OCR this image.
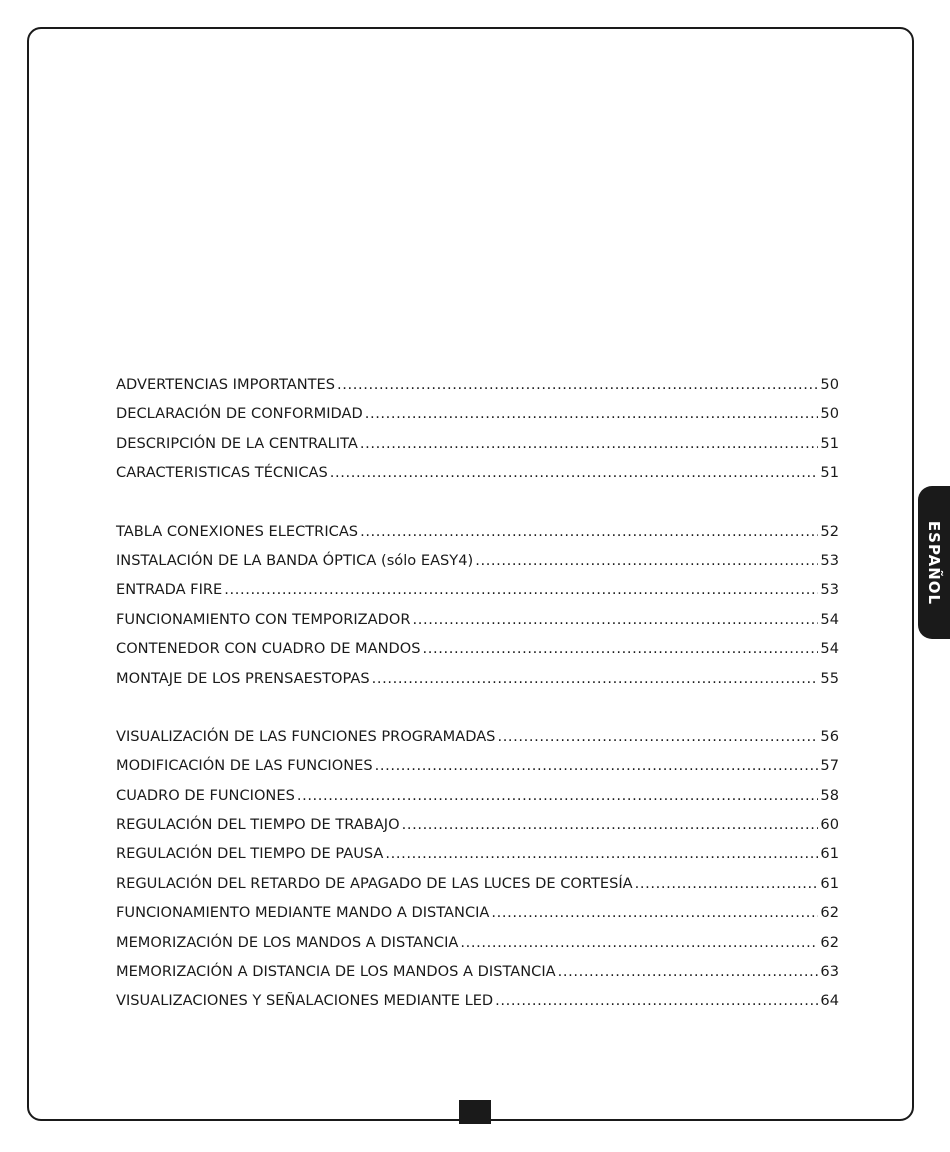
ESPAÑOL
ADVERTENCIAS IMPORTANTES .....	50
DECLARACIÓN DE CONFORMIDAD .....	50
DESCRIPCIÓN DE LA CENTRALITA .....	51
CARACTERISTICAS TÉCNICAS .....	51
TABLA CONEXIONES ELECTRICAS .....	52
INSTALACIÓN DE LA BANDA ÓPTICA (sólo EASY4) .....	53
ENTRADA FIRE .....	53
FUNCIONAMIENTO CON TEMPORIZADOR .....	54
CONTENEDOR CON CUADRO DE MANDOS .....	54
MONTAJE DE LOS PRENSAESTOPAS .....	55
VISUALIZACIÓN DE LAS FUNCIONES PROGRAMADAS .....	56
MODIFICACIÓN DE LAS FUNCIONES .....	57
CUADRO DE FUNCIONES .....	58
REGULACIÓN DEL TIEMPO DE TRABAJO .....	60
REGULACIÓN DEL TIEMPO DE PAUSA .....	61
REGULACIÓN DEL RETARDO DE APAGADO DE LAS LUCES DE CORTESÍA .....	61
FUNCIONAMIENTO MEDIANTE MANDO A DISTANCIA .....	62
MEMORIZACIÓN DE LOS MANDOS A DISTANCIA .....	62
MEMORIZACIÓN A DISTANCIA DE LOS MANDOS A DISTANCIA .....	63
VISUALIZACIONES Y SEÑALACIONES MEDIANTE LED .....	64
